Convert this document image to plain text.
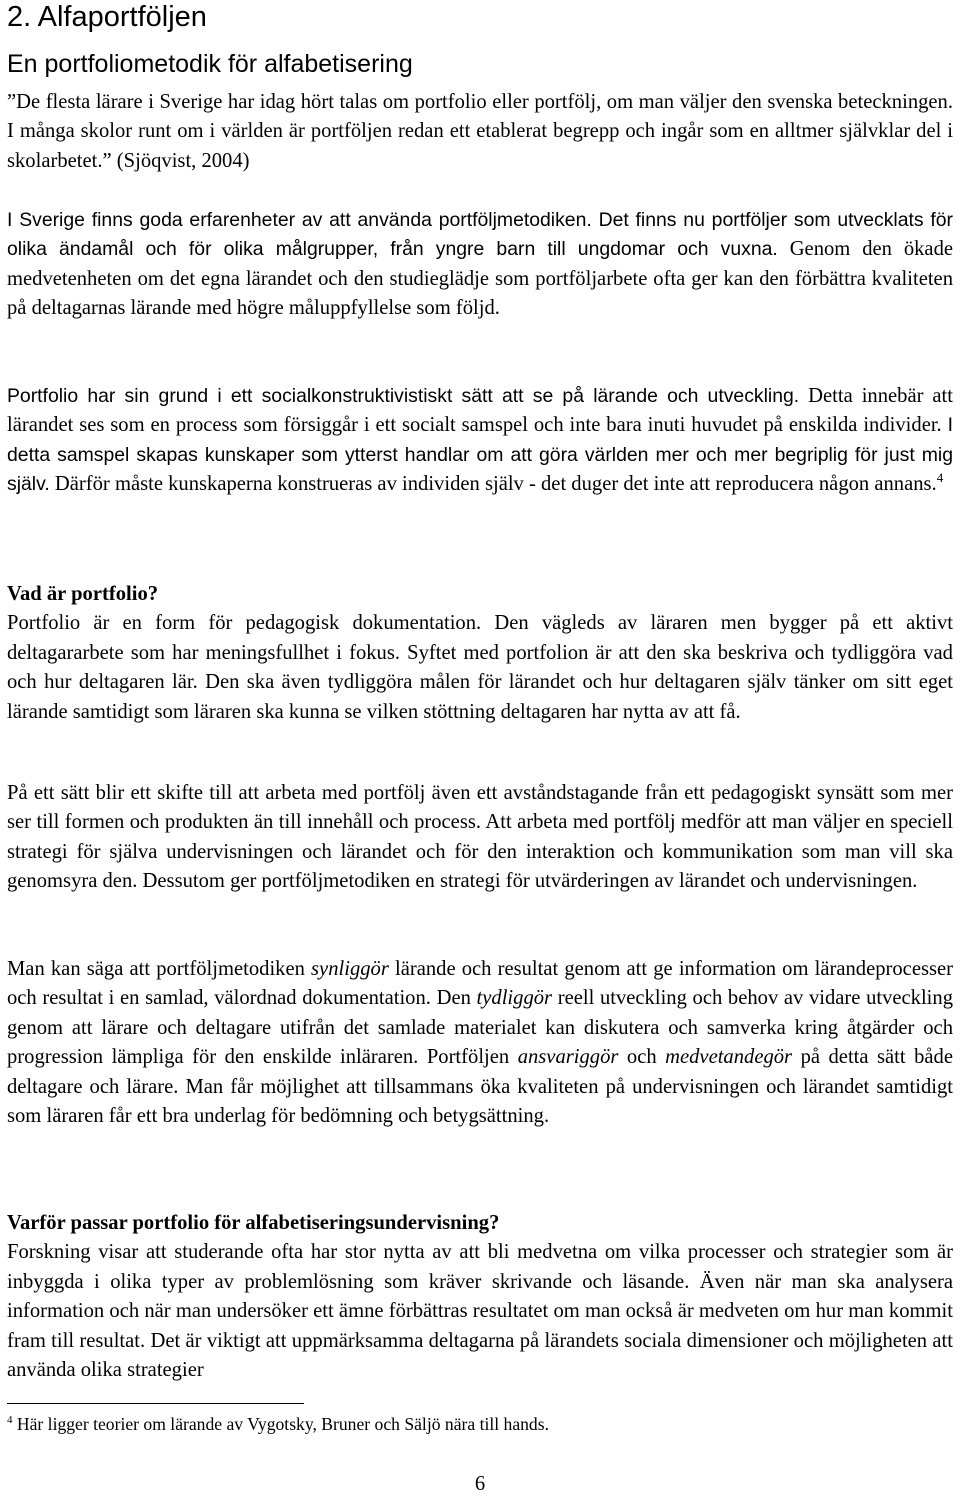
2. Alfaportföljen
En portfoliometodik för alfabetisering

”De flesta lärare i Sverige har idag hört talas om portfolio eller portfölj, om man väljer den svenska beteckningen. I många skolor runt om i världen är portföljen redan ett etablerat begrepp och ingår som en alltmer självklar del i skolarbetet.” (Sjöqvist, 2004)

I Sverige finns goda erfarenheter av att använda portföljmetodiken. Det finns nu portföljer som utvecklats för olika ändamål och för olika målgrupper, från yngre barn till ungdomar och vuxna. Genom den ökade medvetenheten om det egna lärandet och den studieglädje som portföljarbete ofta ger kan den förbättra kvaliteten på deltagarnas lärande med högre måluppfyllelse som följd.

Portfolio har sin grund i ett socialkonstruktivistiskt sätt att se på lärande och utveckling. Detta innebär att lärandet ses som en process som försiggår i ett socialt samspel och inte bara inuti huvudet på enskilda individer. I detta samspel skapas kunskaper som ytterst handlar om att göra världen mer och mer begriplig för just mig själv. Därför måste kunskaperna konstrueras av individen själv - det duger det inte att reproducera någon annans.$^4$

Vad är portfolio?
Portfolio är en form för pedagogisk dokumentation. Den vägleds av läraren men bygger på ett aktivt deltagararbete som har meningsfullhet i fokus. Syftet med portfolion är att den ska beskriva och tydliggöra vad och hur deltagaren lär. Den ska även tydliggöra målen för lärandet och hur deltagaren själv tänker om sitt eget lärande samtidigt som läraren ska kunna se vilken stöttning deltagaren har nytta av att få.

På ett sätt blir ett skifte till att arbeta med portfölj även ett avståndstagande från ett pedagogiskt synsätt som mer ser till formen och produkten än till innehåll och process. Att arbeta med portfölj medför att man väljer en speciell strategi för själva undervisningen och lärandet och för den interaktion och kommunikation som man vill ska genomsyra den. Dessutom ger portföljmetodiken en strategi för utvärderingen av lärandet och undervisningen.

Man kan säga att portföljmetodiken synliggör lärande och resultat genom att ge information om lärandeprocesser och resultat i en samlad, välordnad dokumentation. Den tydliggör reell utveckling och behov av vidare utveckling genom att lärare och deltagare utifrån det samlade materialet kan diskutera och samverka kring åtgärder och progression lämpliga för den enskilde inläraren. Portföljen ansvariggör och medvetandegör på detta sätt både deltagare och lärare. Man får möjlighet att tillsammans öka kvaliteten på undervisningen och lärandet samtidigt som läraren får ett bra underlag för bedömning och betygsättning.

Varför passar portfolio för alfabetiseringsundervisning?
Forskning visar att studerande ofta har stor nytta av att bli medvetna om vilka processer och strategier som är inbyggda i olika typer av problemlösning som kräver skrivande och läsande. Även när man ska analysera information och när man undersöker ett ämne förbättras resultatet om man också är medveten om hur man kommit fram till resultat. Det är viktigt att uppmärksamma deltagarna på lärandets sociala dimensioner och möjligheten att använda olika strategier

$^4$ Här ligger teorier om lärande av Vygotsky, Bruner och Säljö nära till hands.

6
